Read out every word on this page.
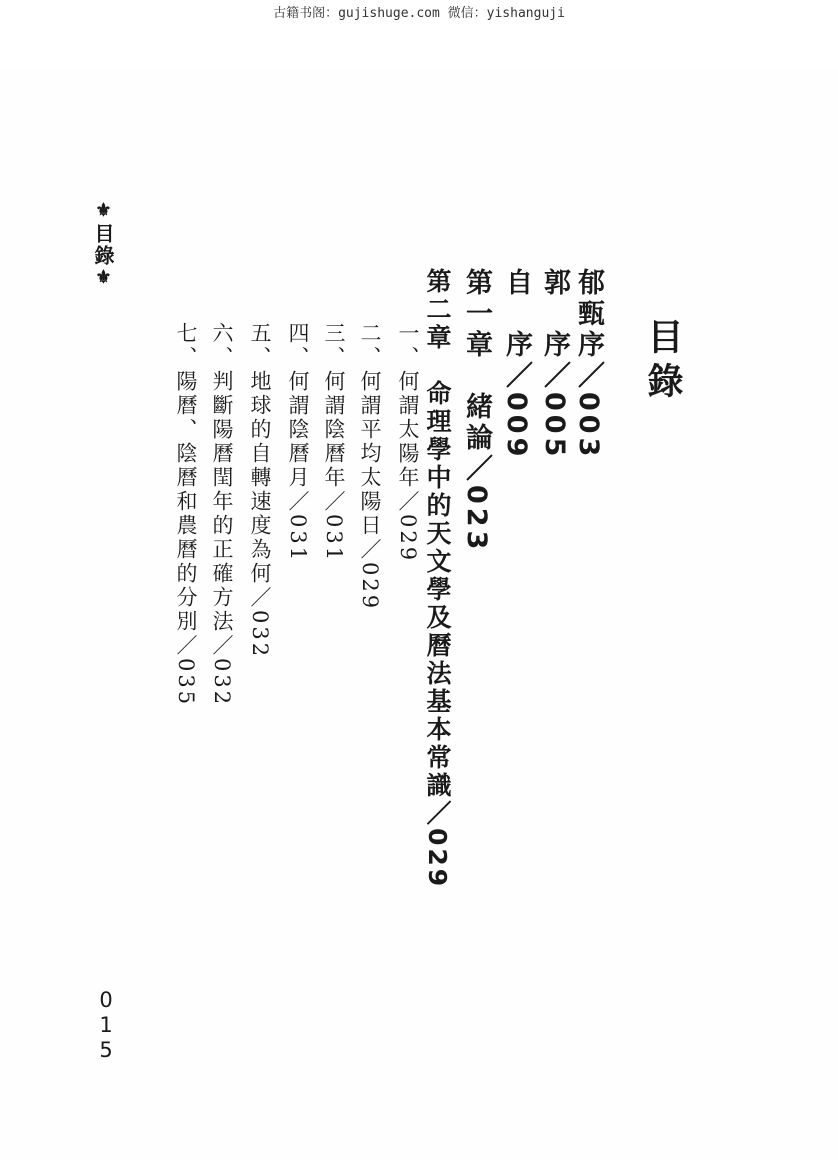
古籍书阁：gujishuge.com 微信：yishanguji
⚜目錄⚜
目錄
郁甄序／003
郭　序／005
自　序／009
第一章　緒論／023
第二章　命理學中的天文學及曆法基本常識／029
一、何謂太陽年／029
二、何謂平均太陽日／029
三、何謂陰曆年／031
四、何謂陰曆月／031
五、地球的自轉速度為何／032
六、判斷陽曆閏年的正確方法／032
七、陽曆、陰曆和農曆的分別／035
0
1
5
